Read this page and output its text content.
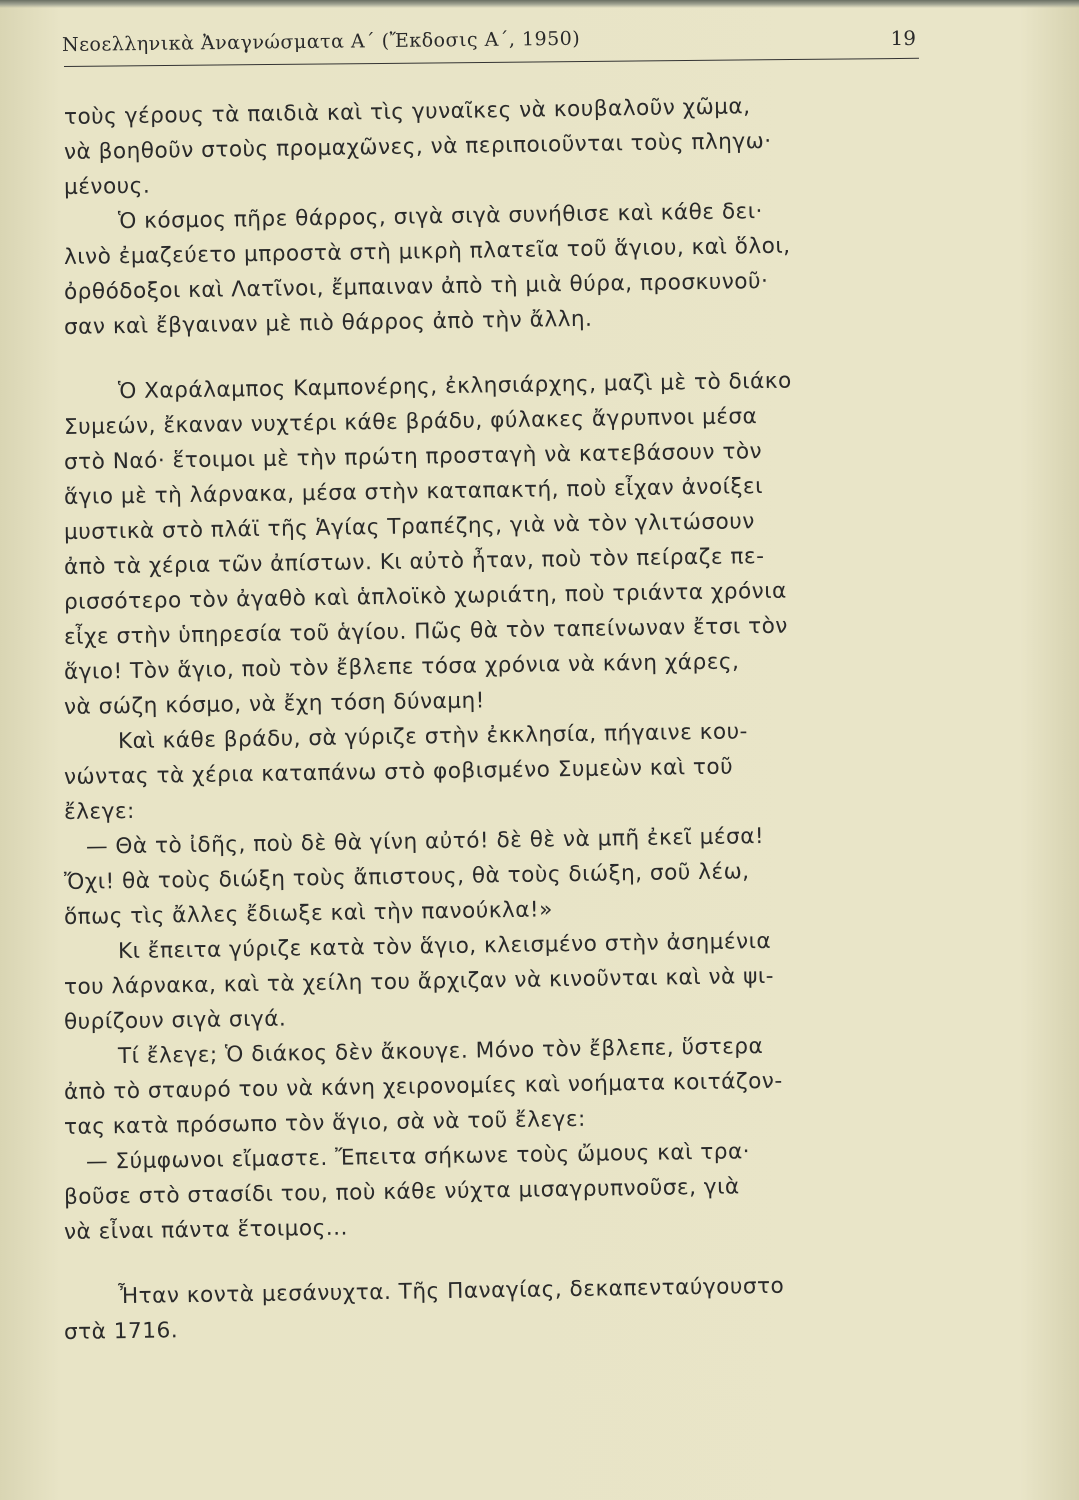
Νεοελληνικὰ Ἀναγνώσματα Α΄ (Ἔκδοσις Α΄, 1950)	19
τοὺς γέρους τὰ παιδιὰ καὶ τὶς γυναῖκες νὰ κουβαλοῦν χῶμα,
νὰ βοηθοῦν στοὺς προμαχῶνες, νὰ περιποιοῦνται τοὺς πληγω·
μένους.
Ὁ κόσμος πῆρε θάρρος, σιγὰ σιγὰ συνήθισε καὶ κάθε δει·
λινὸ ἐμαζεύετο μπροστὰ στὴ μικρὴ πλατεῖα τοῦ ἅγιου, καὶ ὅλοι,
ὀρθόδοξοι καὶ Λατῖνοι, ἔμπαιναν ἀπὸ τὴ μιὰ θύρα, προσκυνοῦ·
σαν καὶ ἔβγαιναν μὲ πιὸ θάρρος ἀπὸ τὴν ἄλλη.
Ὁ Χαράλαμπος Καμπονέρης, ἐκλησιάρχης, μαζὶ μὲ τὸ διάκο
Συμεών, ἔκαναν νυχτέρι κάθε βράδυ, φύλακες ἄγρυπνοι μέσα
στὸ Ναό· ἕτοιμοι μὲ τὴν πρώτη προσταγὴ νὰ κατεβάσουν τὸν
ἅγιο μὲ τὴ λάρνακα, μέσα στὴν καταπακτή, ποὺ εἶχαν ἀνοίξει
μυστικὰ στὸ πλάϊ τῆς Ἁγίας Τραπέζης, γιὰ νὰ τὸν γλιτώσουν
ἀπὸ τὰ χέρια τῶν ἀπίστων. Κι αὐτὸ ἦταν, ποὺ τὸν πείραζε πε-
ρισσότερο τὸν ἀγαθὸ καὶ ἁπλοϊκὸ χωριάτη, ποὺ τριάντα χρόνια
εἶχε στὴν ὑπηρεσία τοῦ ἁγίου. Πῶς θὰ τὸν ταπείνωναν ἔτσι τὸν
ἅγιο! Τὸν ἅγιο, ποὺ τὸν ἔβλεπε τόσα χρόνια νὰ κάνη χάρες,
νὰ σώζη κόσμο, νὰ ἔχη τόση δύναμη!
Καὶ κάθε βράδυ, σὰ γύριζε στὴν ἐκκλησία, πήγαινε κου-
νώντας τὰ χέρια καταπάνω στὸ φοβισμένο Συμεὼν καὶ τοῦ
ἔλεγε:
— Θὰ τὸ ἰδῆς, ποὺ δὲ θὰ γίνη αὐτό! δὲ θὲ νὰ μπῆ ἐκεῖ μέσα!
Ὄχι! θὰ τοὺς διώξη τοὺς ἄπιστους, θὰ τοὺς διώξη, σοῦ λέω,
ὅπως τὶς ἄλλες ἔδιωξε καὶ τὴν πανούκλα!»
Κι ἔπειτα γύριζε κατὰ τὸν ἅγιο, κλεισμένο στὴν ἀσημένια
του λάρνακα, καὶ τὰ χείλη του ἄρχιζαν νὰ κινοῦνται καὶ νὰ ψι-
θυρίζουν σιγὰ σιγά.
Τί ἔλεγε; Ὁ διάκος δὲν ἄκουγε. Μόνο τὸν ἔβλεπε, ὕστερα
ἀπὸ τὸ σταυρό του νὰ κάνη χειρονομίες καὶ νοήματα κοιτάζον-
τας κατὰ πρόσωπο τὸν ἅγιο, σὰ νὰ τοῦ ἔλεγε:
— Σύμφωνοι εἴμαστε. Ἔπειτα σήκωνε τοὺς ὤμους καὶ τρα·
βοῦσε στὸ στασίδι του, ποὺ κάθε νύχτα μισαγρυπνοῦσε, γιὰ
νὰ εἶναι πάντα ἕτοιμος...
Ἦταν κοντὰ μεσάνυχτα. Τῆς Παναγίας, δεκαπενταύγουστο
στὰ 1716.
